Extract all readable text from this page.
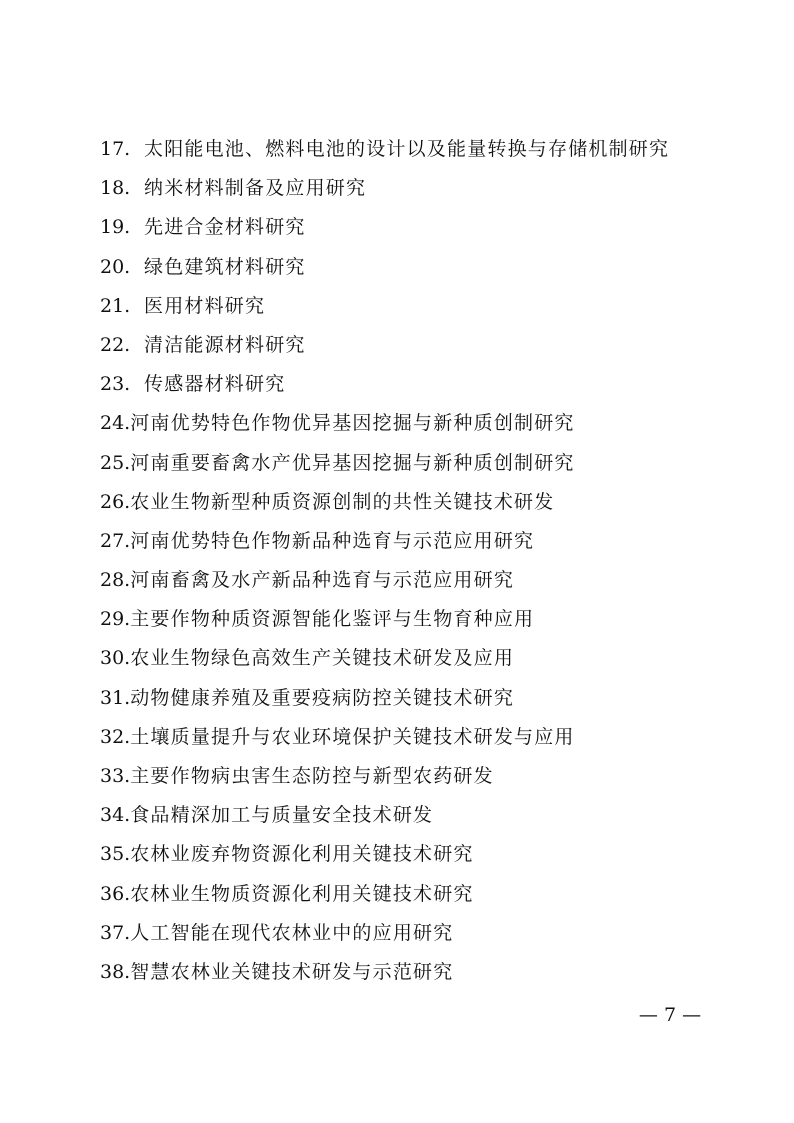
17. 太阳能电池、燃料电池的设计以及能量转换与存储机制研究
18. 纳米材料制备及应用研究
19. 先进合金材料研究
20. 绿色建筑材料研究
21. 医用材料研究
22. 清洁能源材料研究
23. 传感器材料研究
24. 河南优势特色作物优异基因挖掘与新种质创制研究
25. 河南重要畜禽水产优异基因挖掘与新种质创制研究
26. 农业生物新型种质资源创制的共性关键技术研发
27. 河南优势特色作物新品种选育与示范应用研究
28. 河南畜禽及水产新品种选育与示范应用研究
29. 主要作物种质资源智能化鉴评与生物育种应用
30. 农业生物绿色高效生产关键技术研发及应用
31. 动物健康养殖及重要疫病防控关键技术研究
32. 土壤质量提升与农业环境保护关键技术研发与应用
33. 主要作物病虫害生态防控与新型农药研发
34. 食品精深加工与质量安全技术研发
35. 农林业废弃物资源化利用关键技术研究
36. 农林业生物质资源化利用关键技术研究
37. 人工智能在现代农林业中的应用研究
38. 智慧农林业关键技术研发与示范研究
— 7 —
